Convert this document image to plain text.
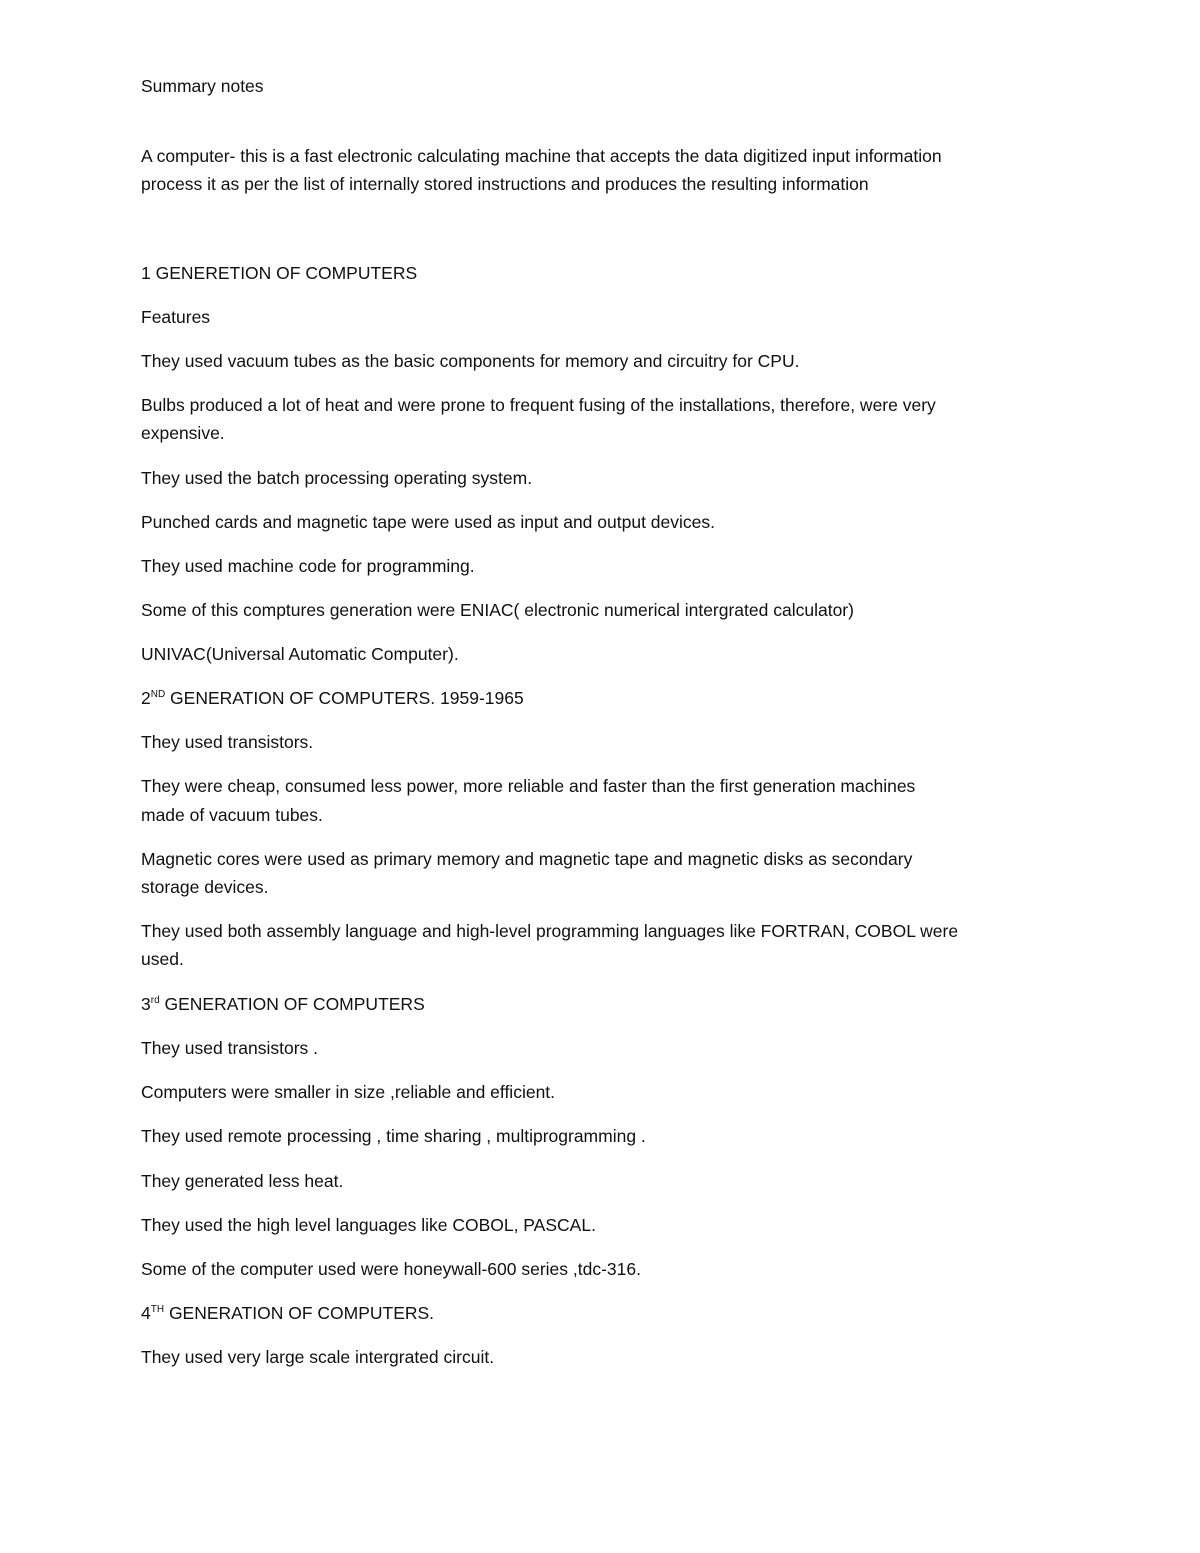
Summary notes
A computer- this is a fast electronic calculating machine that accepts the data digitized input information
process it as per the list of internally stored instructions and produces the resulting information
1 GENERETION OF COMPUTERS
Features
They used vacuum tubes as the basic components for memory and circuitry for CPU.
Bulbs produced a lot of heat and were prone to frequent fusing of the installations, therefore, were very
expensive.
They used the batch processing operating system.
Punched cards and magnetic tape were used as input and output devices.
They used machine code for programming.
Some of this comptures generation were ENIAC( electronic numerical intergrated calculator)
UNIVAC(Universal Automatic Computer).
2ND GENERATION OF COMPUTERS. 1959-1965
They used transistors.
They were cheap, consumed less power, more reliable and faster than the first generation machines
made of vacuum tubes.
Magnetic cores were used as primary memory and magnetic tape and magnetic disks as secondary
storage devices.
They used both assembly language and high-level programming languages like FORTRAN, COBOL were
used.
3rd GENERATION OF COMPUTERS
They used transistors .
Computers were smaller in size ,reliable and efficient.
They used remote processing , time sharing , multiprogramming .
They generated less heat.
They used the high level languages like COBOL, PASCAL.
Some of the computer used were honeywall-600 series ,tdc-316.
4TH GENERATION OF COMPUTERS.
They used very large scale intergrated circuit.
